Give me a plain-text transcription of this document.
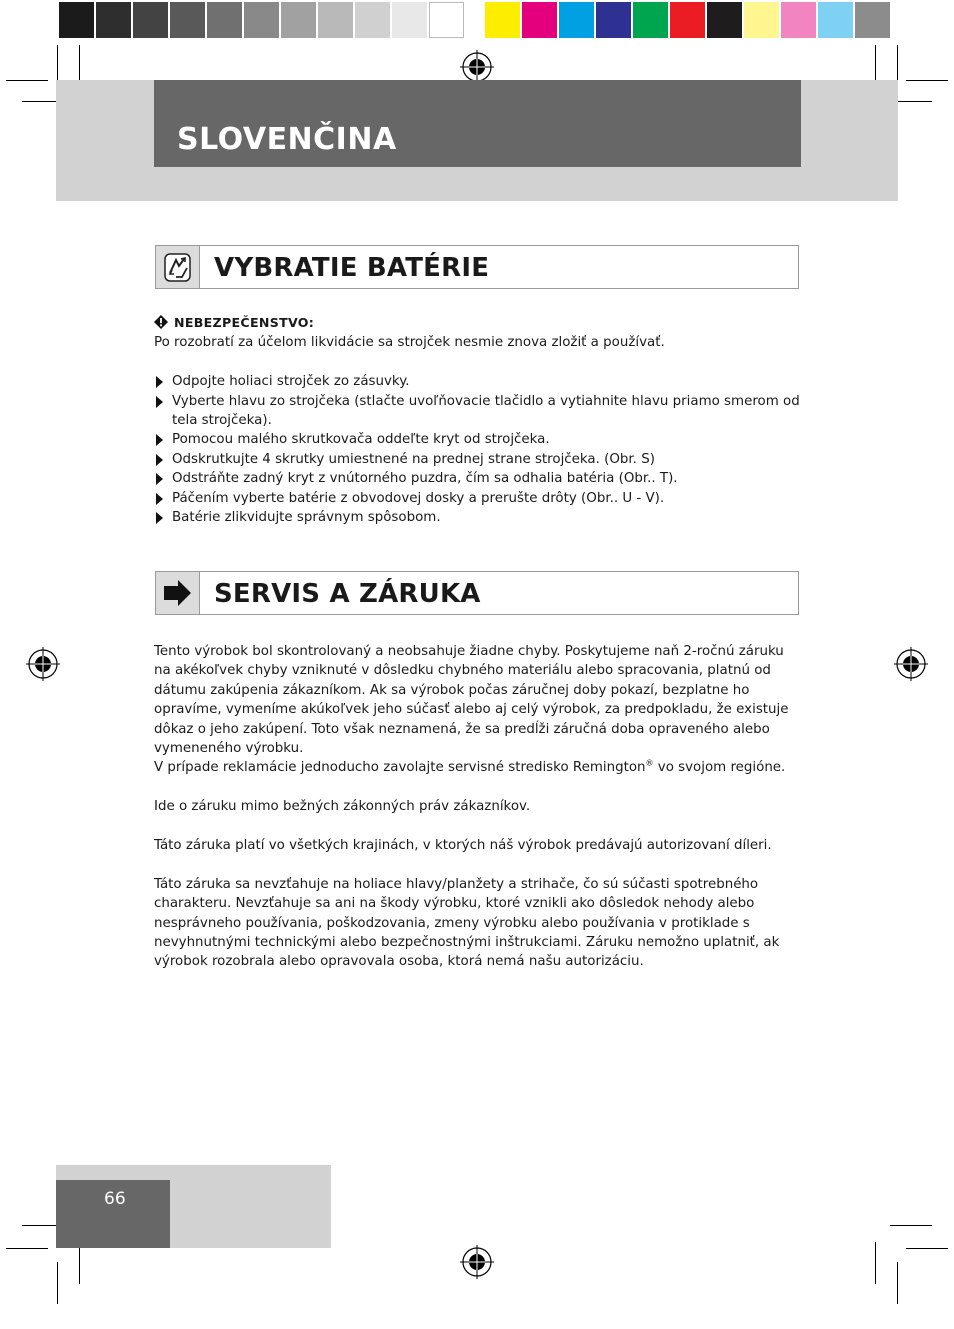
SLOVENČINA
VYBRATIE BATÉRIE
NEBEZPEČENSTVO:

Po rozobratí za účelom likvidácie sa strojček nesmie znova zložiť a používať.

Odpojte holiaci strojček zo zásuvky.
Vyberte hlavu zo strojčeka (stlačte uvoľňovacie tlačidlo a vytiahnite hlavu priamo smerom od tela strojčeka).
Pomocou malého skrutkovača oddeľte kryt od strojčeka.
Odskrutkujte 4 skrutky umiestnené na prednej strane strojčeka. (Obr. S)
Odstráňte zadný kryt z vnútorného puzdra, čím sa odhalia batéria (Obr.. T).
Páčením vyberte batérie z obvodovej dosky a prerušte drôty (Obr.. U - V).
Batérie zlikvidujte správnym spôsobom.
SERVIS A ZÁRUKA

Tento výrobok bol skontrolovaný a neobsahuje žiadne chyby. Poskytujeme naň 2-ročnú záruku na akékoľvek chyby vzniknuté v dôsledku chybného materiálu alebo spracovania, platnú od dátumu zakúpenia zákazníkom. Ak sa výrobok počas záručnej doby pokazí, bezplatne ho opravíme, vymeníme akúkoľvek jeho súčasť alebo aj celý výrobok, za predpokladu, že existuje dôkaz o jeho zakúpení. Toto však neznamená, že sa predĺži záručná doba opraveného alebo vymeneného výrobku.

V prípade reklamácie jednoducho zavolajte servisné stredisko Remington® vo svojom regióne.

Ide o záruku mimo bežných zákonných práv zákazníkov.

Táto záruka platí vo všetkých krajinách, v ktorých náš výrobok predávajú autorizovaní díleri.

Táto záruka sa nevzťahuje na holiace hlavy/planžety a strihače, čo sú súčasti spotrebného charakteru. Nevzťahuje sa ani na škody výrobku, ktoré vznikli ako dôsledok nehody alebo nesprávneho používania, poškodzovania, zmeny výrobku alebo používania v protiklade s nevyhnutnými technickými alebo bezpečnostnými inštrukciami. Záruku nemožno uplatniť, ak výrobok rozobrala alebo opravovala osoba, ktorá nemá našu autorizáciu.

66
